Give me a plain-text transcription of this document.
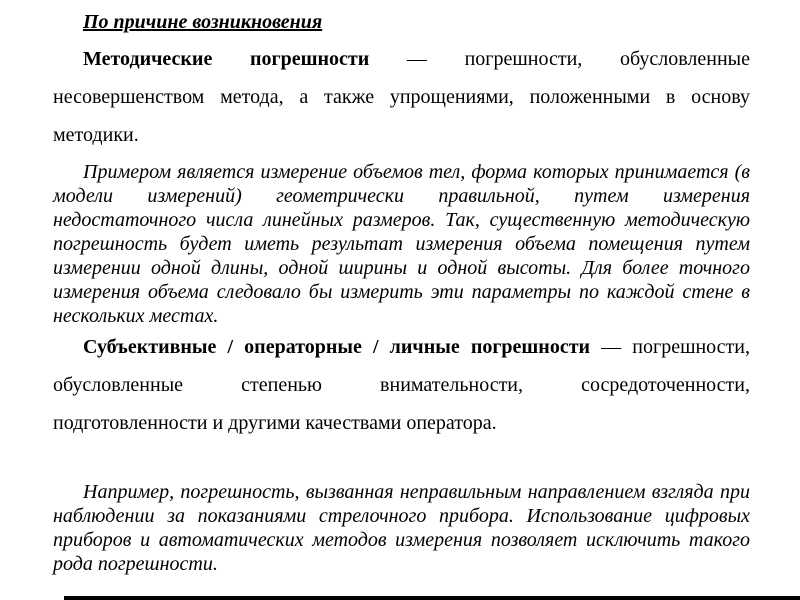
По причине возникновения

Методические погрешности — погрешности, обусловленные несовершенством метода, а также упрощениями, положенными в основу методики.

Примером является измерение объемов тел, форма которых принимается (в модели измерений) геометрически правильной, путем измерения недостаточного числа линейных размеров. Так, существенную методическую погрешность будет иметь результат измерения объема помещения путем измерении одной длины, одной ширины и одной высоты. Для более точного измерения объема следовало бы измерить эти параметры по каждой стене в нескольких местах.

Субъективные / операторные / личные погрешности — погрешности, обусловленные степенью внимательности, сосредоточенности, подготовленности и другими качествами оператора.

Например, погрешность, вызванная неправильным направлением взгляда при наблюдении за показаниями стрелочного прибора. Использование цифровых приборов и автоматических методов измерения позволяет исключить такого рода погрешности.
